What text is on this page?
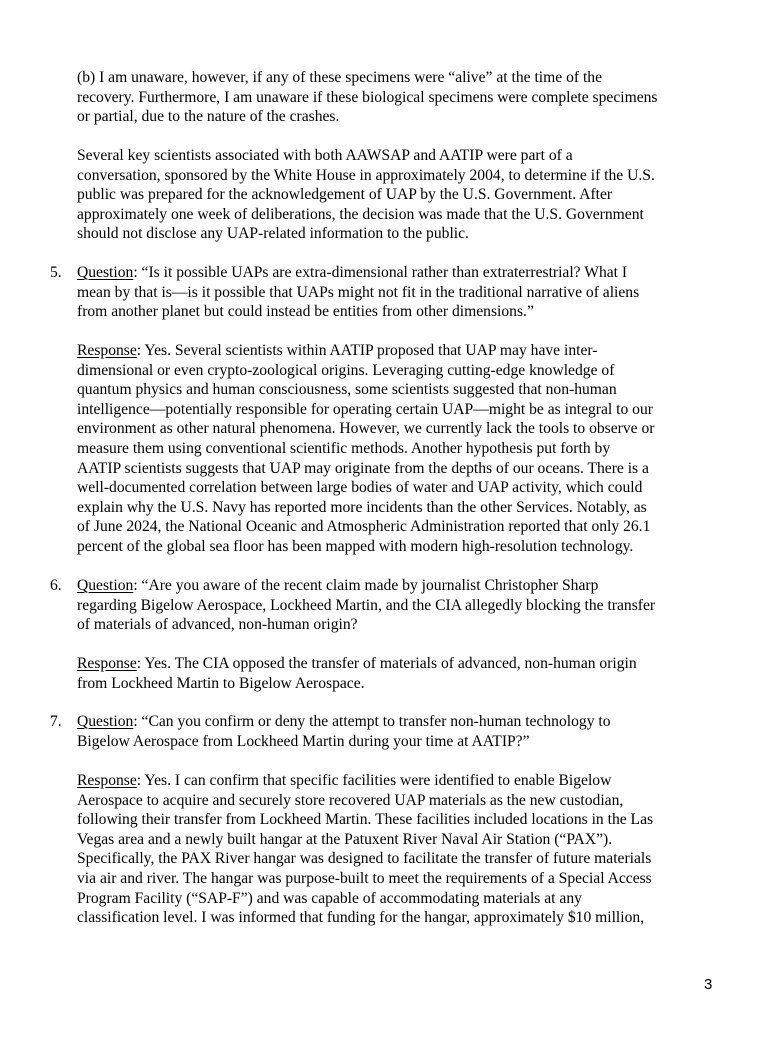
(b) I am unaware, however, if any of these specimens were “alive” at the time of the
recovery. Furthermore, I am unaware if these biological specimens were complete specimens
or partial, due to the nature of the crashes.
Several key scientists associated with both AAWSAP and AATIP were part of a
conversation, sponsored by the White House in approximately 2004, to determine if the U.S.
public was prepared for the acknowledgement of UAP by the U.S. Government. After
approximately one week of deliberations, the decision was made that the U.S. Government
should not disclose any UAP-related information to the public.
5. Question: “Is it possible UAPs are extra-dimensional rather than extraterrestrial? What I
mean by that is—is it possible that UAPs might not fit in the traditional narrative of aliens
from another planet but could instead be entities from other dimensions.”
Response: Yes. Several scientists within AATIP proposed that UAP may have inter-
dimensional or even crypto-zoological origins. Leveraging cutting-edge knowledge of
quantum physics and human consciousness, some scientists suggested that non-human
intelligence—potentially responsible for operating certain UAP—might be as integral to our
environment as other natural phenomena. However, we currently lack the tools to observe or
measure them using conventional scientific methods. Another hypothesis put forth by
AATIP scientists suggests that UAP may originate from the depths of our oceans. There is a
well-documented correlation between large bodies of water and UAP activity, which could
explain why the U.S. Navy has reported more incidents than the other Services. Notably, as
of June 2024, the National Oceanic and Atmospheric Administration reported that only 26.1
percent of the global sea floor has been mapped with modern high-resolution technology.
6. Question: “Are you aware of the recent claim made by journalist Christopher Sharp
regarding Bigelow Aerospace, Lockheed Martin, and the CIA allegedly blocking the transfer
of materials of advanced, non-human origin?
Response: Yes. The CIA opposed the transfer of materials of advanced, non-human origin
from Lockheed Martin to Bigelow Aerospace.
7. Question: “Can you confirm or deny the attempt to transfer non-human technology to
Bigelow Aerospace from Lockheed Martin during your time at AATIP?”
Response: Yes. I can confirm that specific facilities were identified to enable Bigelow
Aerospace to acquire and securely store recovered UAP materials as the new custodian,
following their transfer from Lockheed Martin. These facilities included locations in the Las
Vegas area and a newly built hangar at the Patuxent River Naval Air Station (“PAX”).
Specifically, the PAX River hangar was designed to facilitate the transfer of future materials
via air and river. The hangar was purpose-built to meet the requirements of a Special Access
Program Facility (“SAP-F”) and was capable of accommodating materials at any
classification level. I was informed that funding for the hangar, approximately $10 million,
3
